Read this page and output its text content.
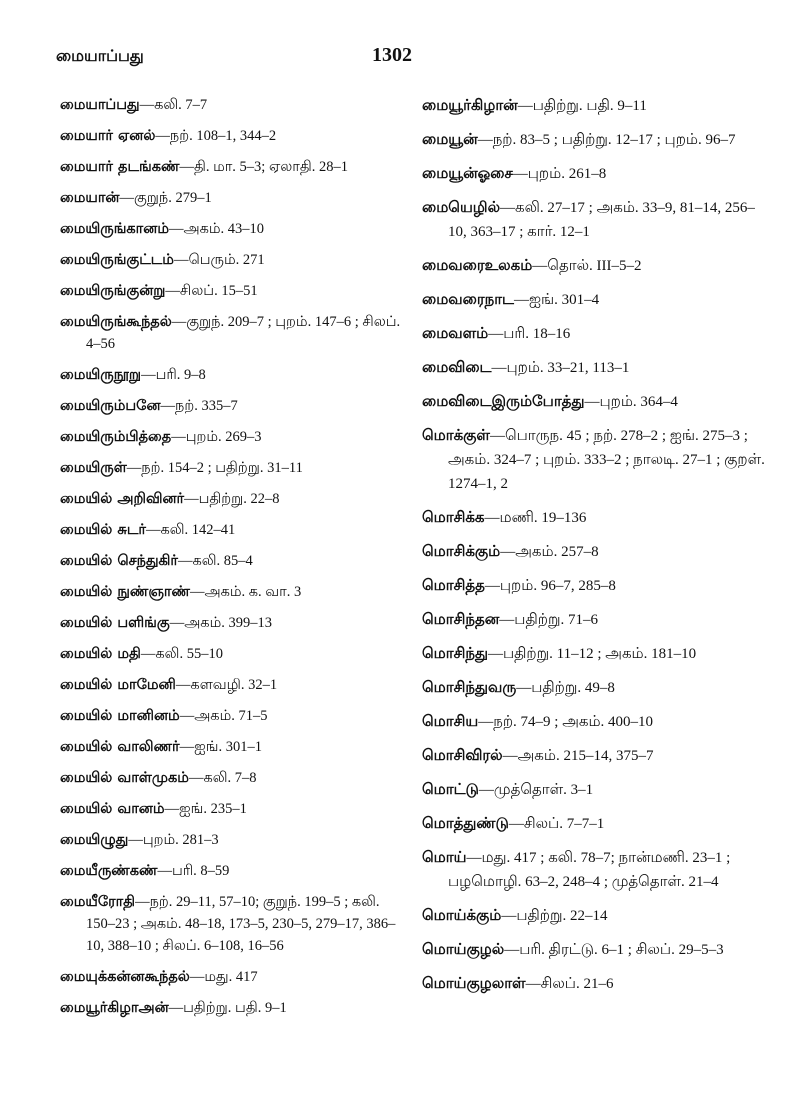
மையாப்பது	1302
மையாப்பது—கலி. 7–7
மையார் ஏனல்—நற். 108–1, 344–2
மையார் தடங்கண்—தி. மா. 5–3; ஏலாதி. 28–1
மையான்—குறுந். 279–1
மையிருங்கானம்—அகம். 43–10
மையிருங்குட்டம்—பெரும். 271
மையிருங்குன்று—சிலப். 15–51
மையிருங்கூந்தல்—குறுந். 209–7 ; புறம். 147–6 ; சிலப். 4–56
மையிருநூறு—பரி. 9–8
மையிரும்பனே—நற். 335–7
மையிரும்பித்தை—புறம். 269–3
மையிருள்—நற். 154–2 ; பதிற்று. 31–11
மையில் அறிவினர்—பதிற்று. 22–8
மையில் சுடர்—கலி. 142–41
மையில் செந்துகிர்—கலி. 85–4
மையில் நுண்ஞாண்—அகம். க. வா. 3
மையில் பளிங்கு—அகம். 399–13
மையில் மதி—கலி. 55–10
மையில் மாமேனி—களவழி. 32–1
மையில் மானினம்—அகம். 71–5
மையில் வாலிணர்—ஐங். 301–1
மையில் வாள்முகம்—கலி. 7–8
மையில் வானம்—ஐங். 235–1
மையிழுது—புறம். 281–3
மையீருண்கண்—பரி. 8–59
மையீரோதி—நற். 29–11, 57–10; குறுந். 199–5 ; கலி. 150–23 ; அகம். 48–18, 173–5, 230–5, 279–17, 386–10, 388–10 ; சிலப். 6–108, 16–56
மையுக்கன்னகூந்தல்—மது. 417
மையூர்கிழாஅன்—பதிற்று. பதி. 9–1
மையூர்கிழான்—பதிற்று. பதி. 9–11
மையூன்—நற். 83–5 ; பதிற்று. 12–17 ; புறம். 96–7
மையூன்ஓசை—புறம். 261–8
மையெழில்—கலி. 27–17 ; அகம். 33–9, 81–14, 256–10, 363–17 ; கார். 12–1
மைவரைஉலகம்—தொல். III–5–2
மைவரைநாட—ஐங். 301–4
மைவளம்—பரி. 18–16
மைவிடை—புறம். 33–21, 113–1
மைவிடைஇரும்போத்து—புறம். 364–4
மொக்குள்—பொருந. 45 ; நற். 278–2 ; ஐங். 275–3 ; அகம். 324–7 ; புறம். 333–2 ; நாலடி. 27–1 ; குறள். 1274–1, 2
மொசிக்க—மணி. 19–136
மொசிக்கும்—அகம். 257–8
மொசித்த—புறம். 96–7, 285–8
மொசிந்தன—பதிற்று. 71–6
மொசிந்து—பதிற்று. 11–12 ; அகம். 181–10
மொசிந்துவரு—பதிற்று. 49–8
மொசிய—நற். 74–9 ; அகம். 400–10
மொசிவிரல்—அகம். 215–14, 375–7
மொட்டு—முத்தொள். 3–1
மொத்துண்டு—சிலப். 7–7–1
மொய்—மது. 417 ; கலி. 78–7; நான்மணி. 23–1 ; பழமொழி. 63–2, 248–4 ; முத்தொள். 21–4
மொய்க்கும்—பதிற்று. 22–14
மொய்குழல்—பரி. திரட்டு. 6–1 ; சிலப். 29–5–3
மொய்குழலாள்—சிலப். 21–6
